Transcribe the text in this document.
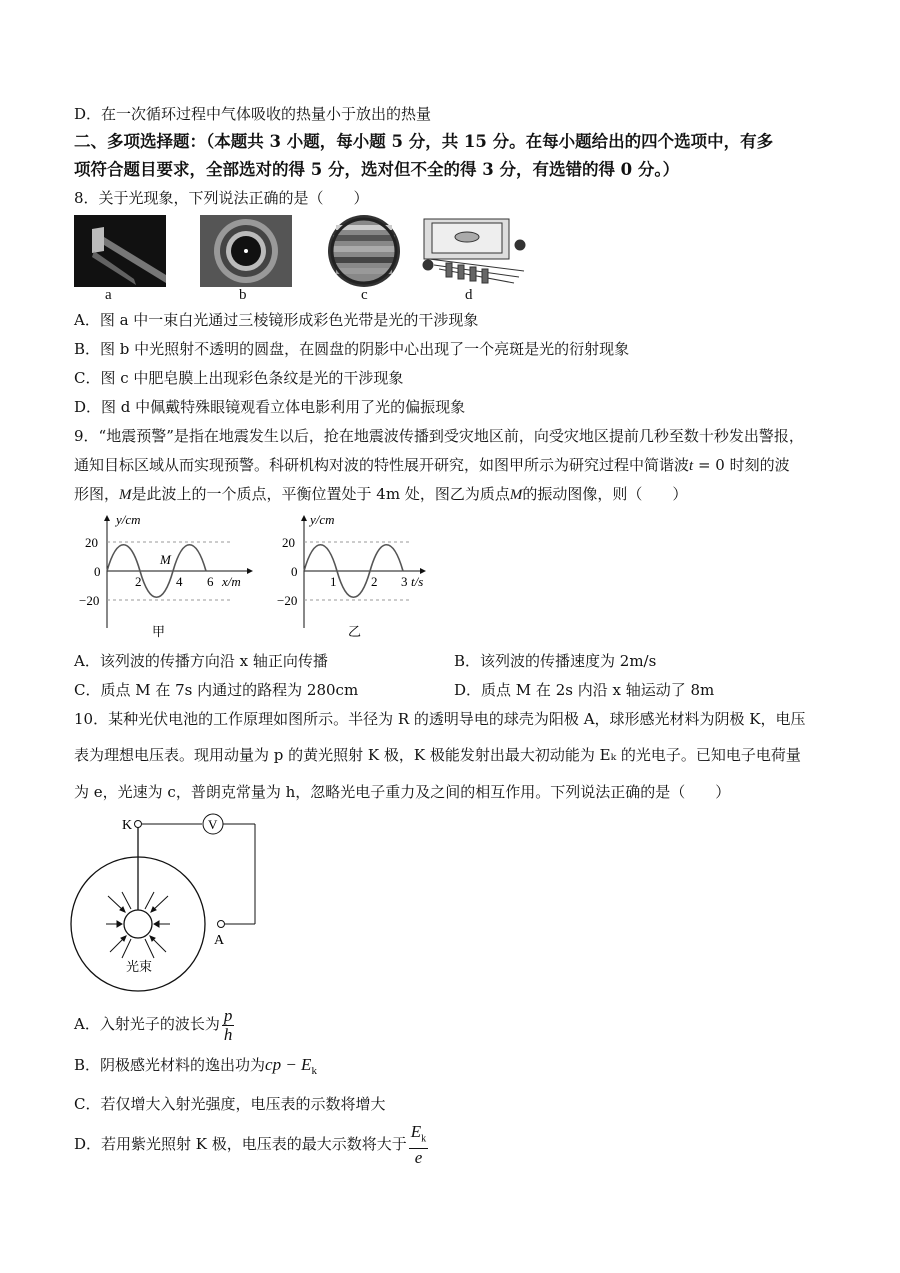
D．在一次循环过程中气体吸收的热量小于放出的热量
二、多项选择题：（本题共 3 小题，每小题 5 分，共 15 分。在每小题给出的四个选项中，有多
项符合题目要求，全部选对的得 5 分，选对但不全的得 3 分，有选错的得 0 分。）
8．关于光现象，下列说法正确的是（　　）
a	b	c	d
A．图 a 中一束白光通过三棱镜形成彩色光带是光的干涉现象
B．图 b 中光照射不透明的圆盘，在圆盘的阴影中心出现了一个亮斑是光的衍射现象
C．图 c 中肥皂膜上出现彩色条纹是光的干涉现象
D．图 d 中佩戴特殊眼镜观看立体电影利用了光的偏振现象
9．“地震预警”是指在地震发生以后，抢在地震波传播到受灾地区前，向受灾地区提前几秒至数十秒发出警报，
通知目标区域从而实现预警。科研机构对波的特性展开研究，如图甲所示为研究过程中简谐波t = 0 时刻的波
形图，M是此波上的一个质点，平衡位置处于 4m 处，图乙为质点M的振动图像，则（　　）
y/cm
20
0
−20
2	4 6 x/m
M
甲
y/cm
20
0
−20
1	2 3 t/s
乙
A．该列波的传播方向沿 x 轴正向传播	B．该列波的传播速度为 2m/s
C．质点 M 在 7s 内通过的路程为 280cm	D．质点 M 在 2s 内沿 x 轴运动了 8m
10．某种光伏电池的工作原理如图所示。半径为 R 的透明导电的球壳为阳极 A，球形感光材料为阴极 K，电压
表为理想电压表。现用动量为 p 的黄光照射 K 极，K 极能发射出最大初动能为 Eₖ 的光电子。已知电子电荷量
为 e，光速为 c，普朗克常量为 h，忽略光电子重力及之间的相互作用。下列说法正确的是（　　）
V
K
A
光束
A．入射光子的波长为 $\frac{p}{h}$
B．阴极感光材料的逸出功为cp − $E_k$
C．若仅增大入射光强度，电压表的示数将增大
D．若用紫光照射 K 极，电压表的最大示数将大于 $\frac{E_k}{e}$
